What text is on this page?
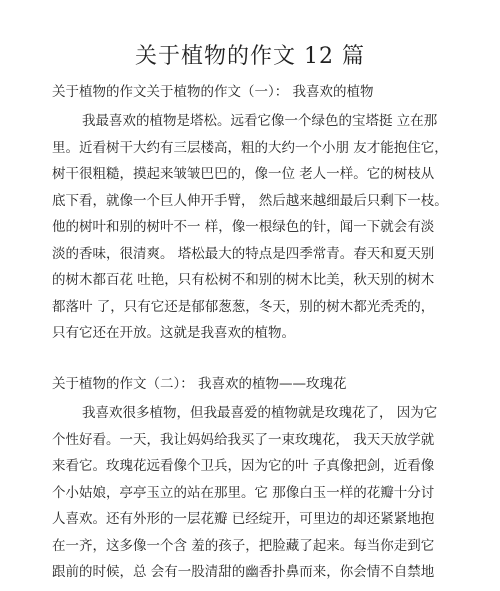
关于植物的作文 12 篇
关于植物的作文关于植物的作文（一）： 我喜欢的植物
我最喜欢的植物是塔松。远看它像一个绿色的宝塔挺 立在那
里。近看树干大约有三层楼高，粗的大约一个小朋 友才能抱住它，
树干很粗糙，摸起来皱皱巴巴的，像一位 老人一样。它的树枝从
底下看，就像一个巨人伸开手臂， 然后越来越细最后只剩下一枝。
他的树叶和别的树叶不一 样，像一根绿色的针，闻一下就会有淡
淡的香味，很清爽。 塔松最大的特点是四季常青。春天和夏天别
的树木都百花 吐艳，只有松树不和别的树木比美，秋天别的树木
都落叶 了，只有它还是郁郁葱葱，冬天，别的树木都光秃秃的，
只有它还在开放。这就是我喜欢的植物。
关于植物的作文（二）： 我喜欢的植物——玫瑰花
我喜欢很多植物，但我最喜爱的植物就是玫瑰花了， 因为它
个性好看。一天，我让妈妈给我买了一束玫瑰花， 我天天放学就
来看它。玫瑰花远看像个卫兵，因为它的叶 子真像把剑，近看像
个小姑娘，亭亭玉立的站在那里。它 那像白玉一样的花瓣十分讨
人喜欢。还有外形的一层花瓣 已经绽开，可里边的却还紧紧地抱
在一齐，这多像一个含 羞的孩子，把脸藏了起来。每当你走到它
跟前的时候，总 会有一股清甜的幽香扑鼻而来，你会情不自禁地
